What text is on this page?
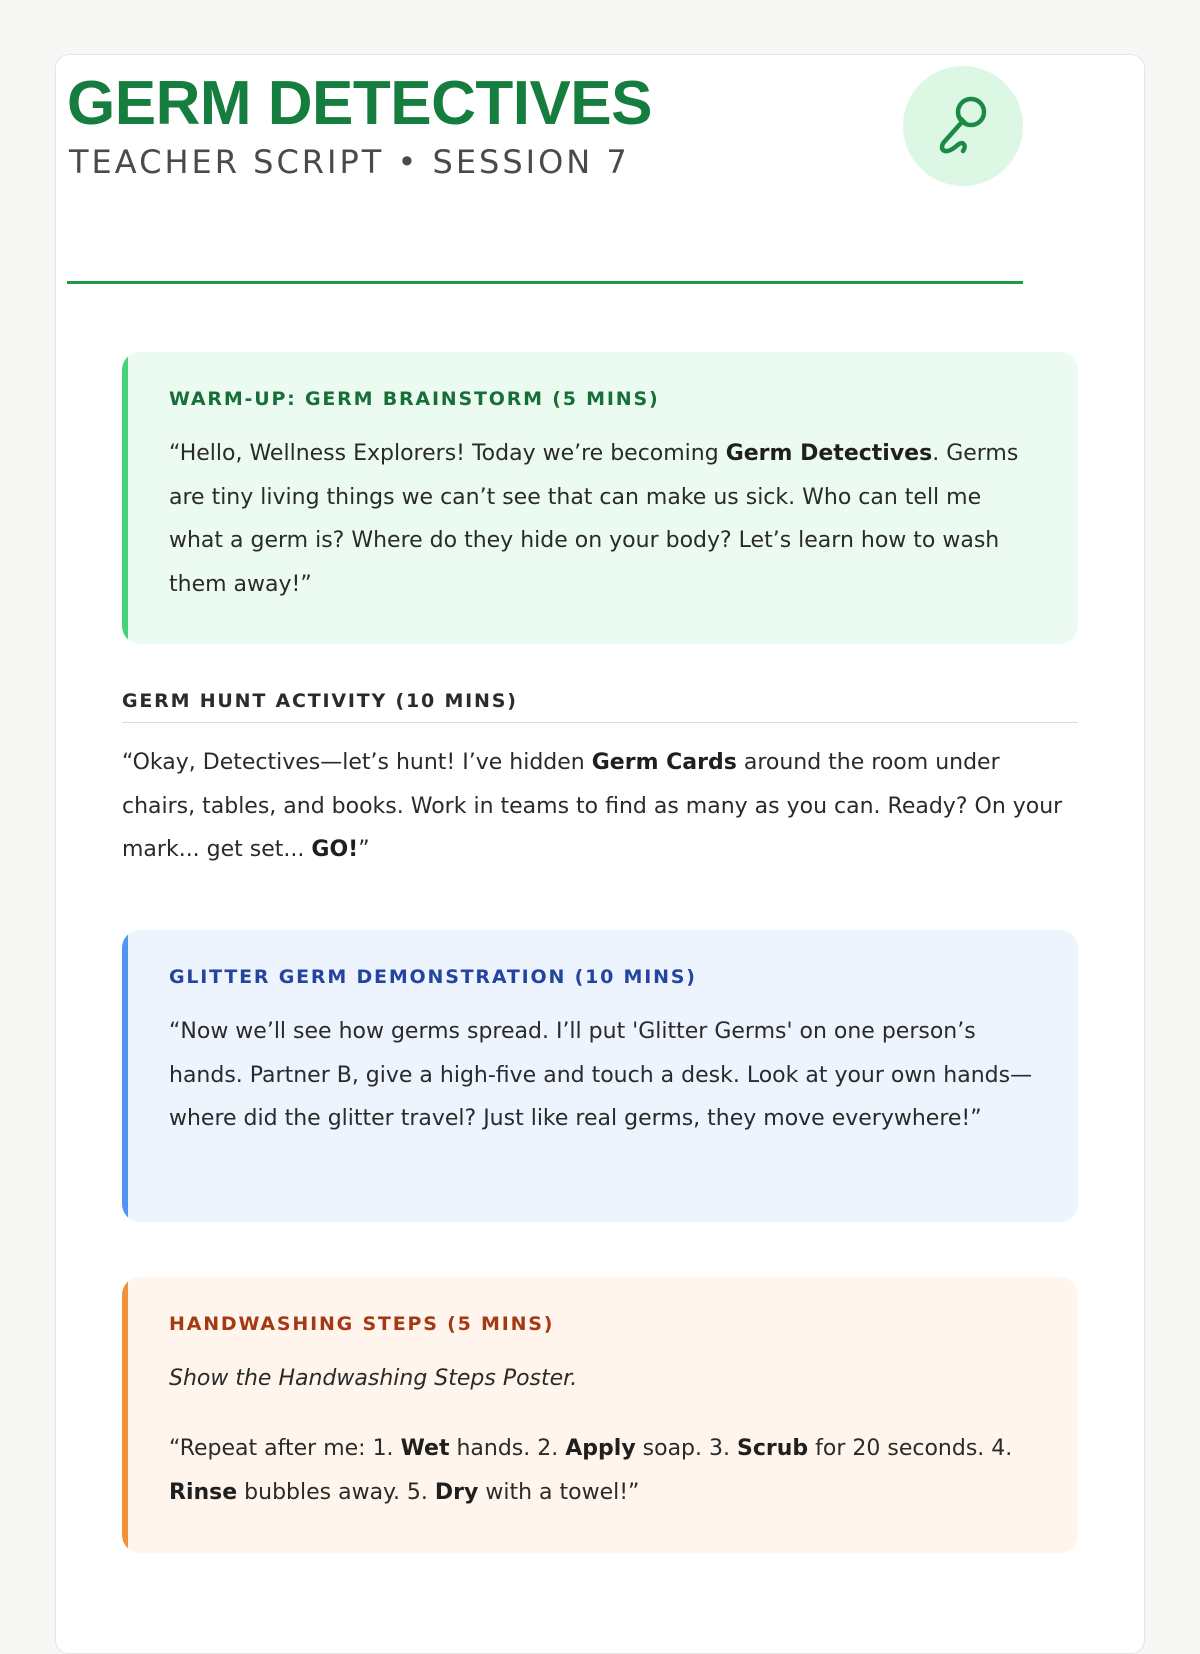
GERM DETECTIVES
TEACHER SCRIPT • SESSION 7
WARM-UP: GERM BRAINSTORM (5 MINS)

“Hello, Wellness Explorers! Today we’re becoming Germ Detectives. Germs are tiny living things we can’t see that can make us sick. Who can tell me what a germ is? Where do they hide on your body? Let’s learn how to wash them away!”

GERM HUNT ACTIVITY (10 MINS)

“Okay, Detectives—let’s hunt! I’ve hidden Germ Cards around the room under chairs, tables, and books. Work in teams to find as many as you can. Ready? On your mark... get set... GO!”

GLITTER GERM DEMONSTRATION (10 MINS)

“Now we’ll see how germs spread. I’ll put 'Glitter Germs' on one person’s hands. Partner B, give a high-five and touch a desk. Look at your own hands—where did the glitter travel? Just like real germs, they move everywhere!”

HANDWASHING STEPS (5 MINS)

Show the Handwashing Steps Poster.

“Repeat after me: 1. Wet hands. 2. Apply soap. 3. Scrub for 20 seconds. 4. Rinse bubbles away. 5. Dry with a towel!”
